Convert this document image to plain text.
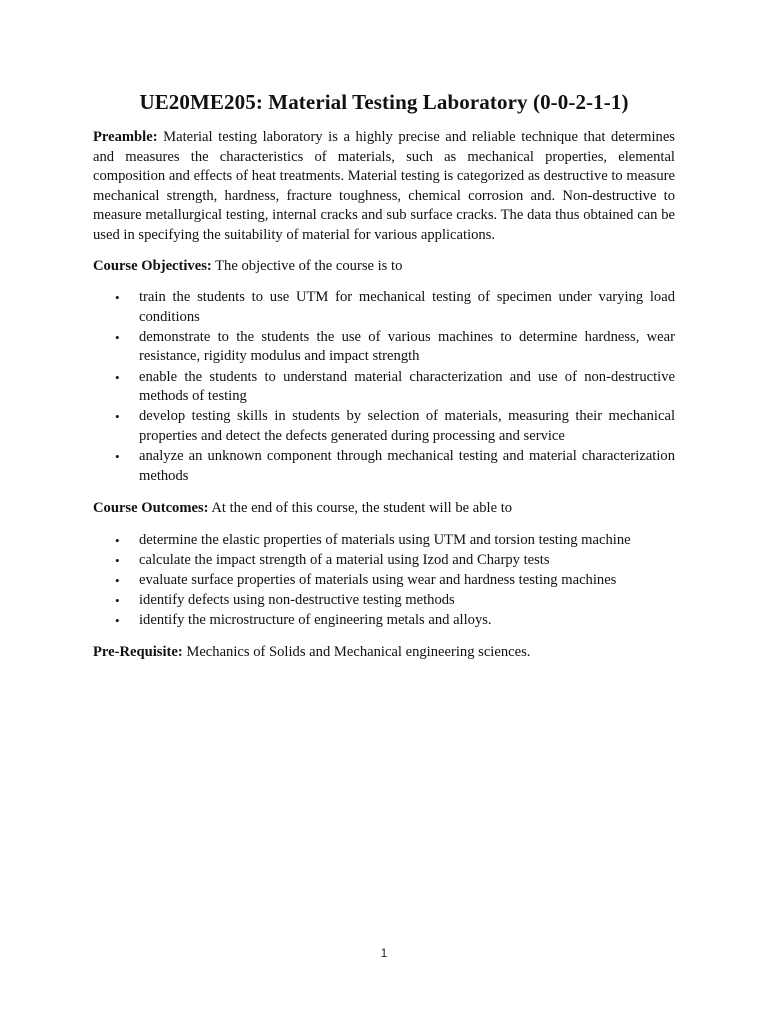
UE20ME205: Material Testing Laboratory (0-0-2-1-1)

Preamble: Material testing laboratory is a highly precise and reliable technique that determines and measures the characteristics of materials, such as mechanical properties, elemental composition and effects of heat treatments. Material testing is categorized as destructive to measure mechanical strength, hardness, fracture toughness, chemical corrosion and. Non-destructive to measure metallurgical testing, internal cracks and sub surface cracks. The data thus obtained can be used in specifying the suitability of material for various applications.

Course Objectives: The objective of the course is to

• train the students to use UTM for mechanical testing of specimen under varying load conditions
• demonstrate to the students the use of various machines to determine hardness, wear resistance, rigidity modulus and impact strength
• enable the students to understand material characterization and use of non-destructive methods of testing
• develop testing skills in students by selection of materials, measuring their mechanical properties and detect the defects generated during processing and service
• analyze an unknown component through mechanical testing and material characterization methods

Course Outcomes: At the end of this course, the student will be able to

• determine the elastic properties of materials using UTM and torsion testing machine
• calculate the impact strength of a material using Izod and Charpy tests
• evaluate surface properties of materials using wear and hardness testing machines
• identify defects using non-destructive testing methods
• identify the microstructure of engineering metals and alloys.

Pre-Requisite: Mechanics of Solids and Mechanical engineering sciences.

1
